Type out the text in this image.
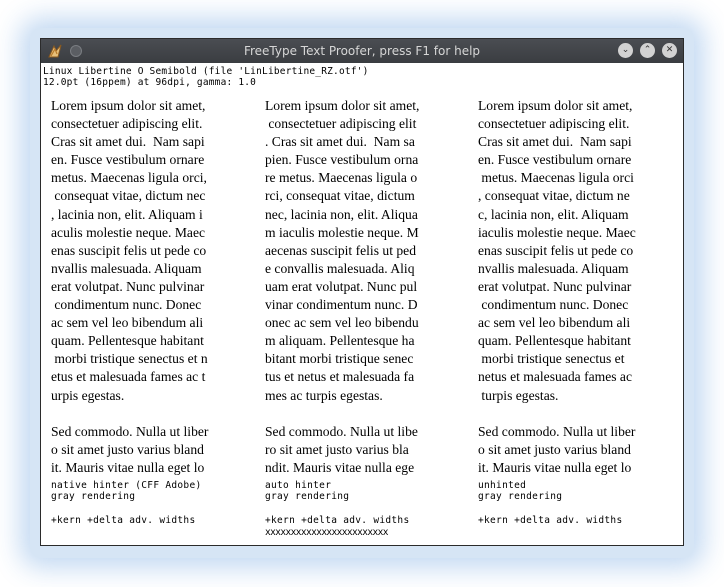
FreeType Text Proofer, press F1 for help	⌄	⌃	✕
Linux Libertine O Semibold (file 'LinLibertine_RZ.otf')
12.0pt (16ppem) at 96dpi, gamma: 1.0
Lorem ipsum dolor sit amet,
consectetuer adipiscing elit.
Cras sit amet dui.  Nam sapi
en. Fusce vestibulum ornare
metus. Maecenas ligula orci,
consequat vitae, dictum nec
, lacinia non, elit. Aliquam i
aculis molestie neque. Maec
enas suscipit felis ut pede co
nvallis malesuada. Aliquam
erat volutpat. Nunc pulvinar
condimentum nunc. Donec
ac sem vel leo bibendum ali
quam. Pellentesque habitant
morbi tristique senectus et n
etus et malesuada fames ac t
urpis egestas.
Sed commodo. Nulla ut liber
o sit amet justo varius bland
it. Mauris vitae nulla eget lo
native hinter (CFF Adobe)
gray rendering
+kern +delta adv. widths
Lorem ipsum dolor sit amet,
consectetuer adipiscing elit
. Cras sit amet dui.  Nam sa
pien. Fusce vestibulum orna
re metus. Maecenas ligula o
rci, consequat vitae, dictum
nec, lacinia non, elit. Aliqua
m iaculis molestie neque. M
aecenas suscipit felis ut ped
e convallis malesuada. Aliq
uam erat volutpat. Nunc pul
vinar condimentum nunc. D
onec ac sem vel leo bibendu
m aliquam. Pellentesque ha
bitant morbi tristique senec
tus et netus et malesuada fa
mes ac turpis egestas.
Sed commodo. Nulla ut libe
ro sit amet justo varius bla
ndit. Mauris vitae nulla ege
auto hinter
gray rendering
+kern +delta adv. widths
xxxxxxxxxxxxxxxxxxxxxxxx
Lorem ipsum dolor sit amet,
consectetuer adipiscing elit.
Cras sit amet dui.  Nam sapi
en. Fusce vestibulum ornare
metus. Maecenas ligula orci
, consequat vitae, dictum ne
c, lacinia non, elit. Aliquam
iaculis molestie neque. Maec
enas suscipit felis ut pede co
nvallis malesuada. Aliquam
erat volutpat. Nunc pulvinar
condimentum nunc. Donec
ac sem vel leo bibendum ali
quam. Pellentesque habitant
morbi tristique senectus et
netus et malesuada fames ac
turpis egestas.
Sed commodo. Nulla ut liber
o sit amet justo varius bland
it. Mauris vitae nulla eget lo
unhinted
gray rendering
+kern +delta adv. widths
